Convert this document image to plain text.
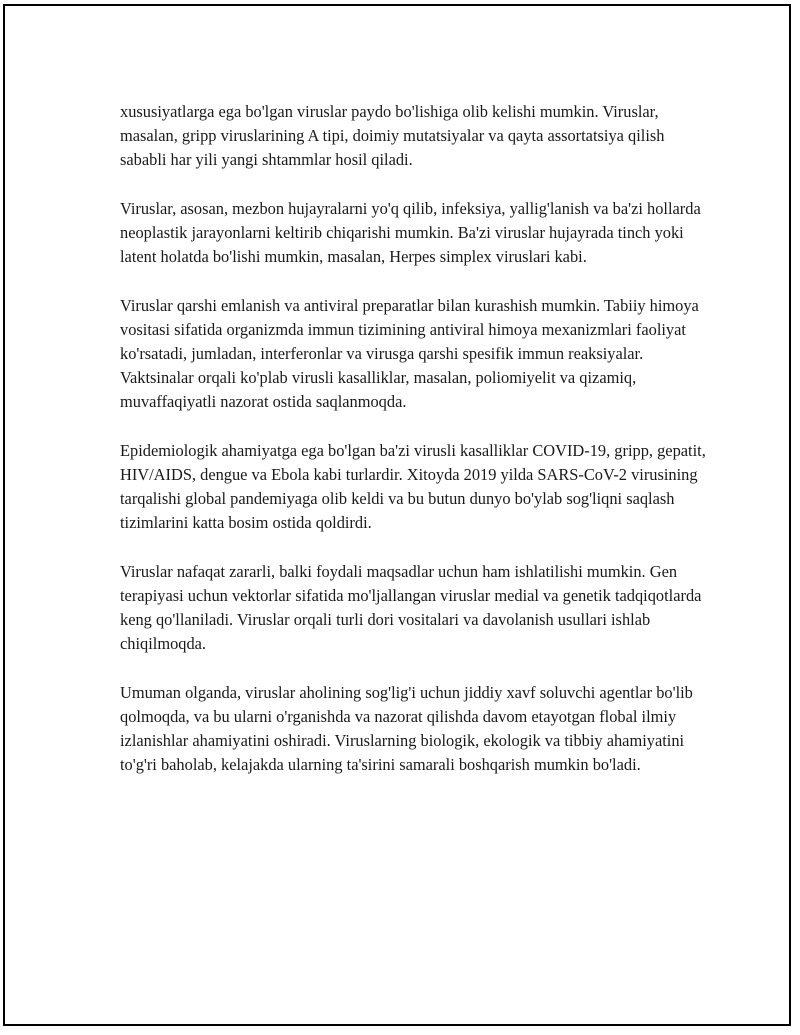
xususiyatlarga ega bo'lgan viruslar paydo bo'lishiga olib kelishi mumkin. Viruslar, masalan, gripp viruslarining A tipi, doimiy mutatsiyalar va qayta assortatsiya qilish sababli har yili yangi shtammlar hosil qiladi.

Viruslar, asosan, mezbon hujayralarni yo'q qilib, infeksiya, yallig'lanish va ba'zi hollarda neoplastik jarayonlarni keltirib chiqarishi mumkin. Ba'zi viruslar hujayrada tinch yoki latent holatda bo'lishi mumkin, masalan, Herpes simplex viruslari kabi.

Viruslar qarshi emlanish va antiviral preparatlar bilan kurashish mumkin. Tabiiy himoya vositasi sifatida organizmda immun tizimining antiviral himoya mexanizmlari faoliyat ko'rsatadi, jumladan, interferonlar va virusga qarshi spesifik immun reaksiyalar. Vaktsinalar orqali ko'plab virusli kasalliklar, masalan, poliomiyelit va qizamiq, muvaffaqiyatli nazorat ostida saqlanmoqda.

Epidemiologik ahamiyatga ega bo'lgan ba'zi virusli kasalliklar COVID-19, gripp, gepatit, HIV/AIDS, dengue va Ebola kabi turlardir. Xitoyda 2019 yilda SARS-CoV-2 virusining tarqalishi global pandemiyaga olib keldi va bu butun dunyo bo'ylab sog'liqni saqlash tizimlarini katta bosim ostida qoldirdi.

Viruslar nafaqat zararli, balki foydali maqsadlar uchun ham ishlatilishi mumkin. Gen terapiyasi uchun vektorlar sifatida mo'ljallangan viruslar medial va genetik tadqiqotlarda keng qo'llaniladi. Viruslar orqali turli dori vositalari va davolanish usullari ishlab chiqilmoqda.

Umuman olganda, viruslar aholining sog'lig'i uchun jiddiy xavf soluvchi agentlar bo'lib qolmoqda, va bu ularni o'rganishda va nazorat qilishda davom etayotgan flobal ilmiy izlanishlar ahamiyatini oshiradi. Viruslarning biologik, ekologik va tibbiy ahamiyatini to'g'ri baholab, kelajakda ularning ta'sirini samarali boshqarish mumkin bo'ladi.
